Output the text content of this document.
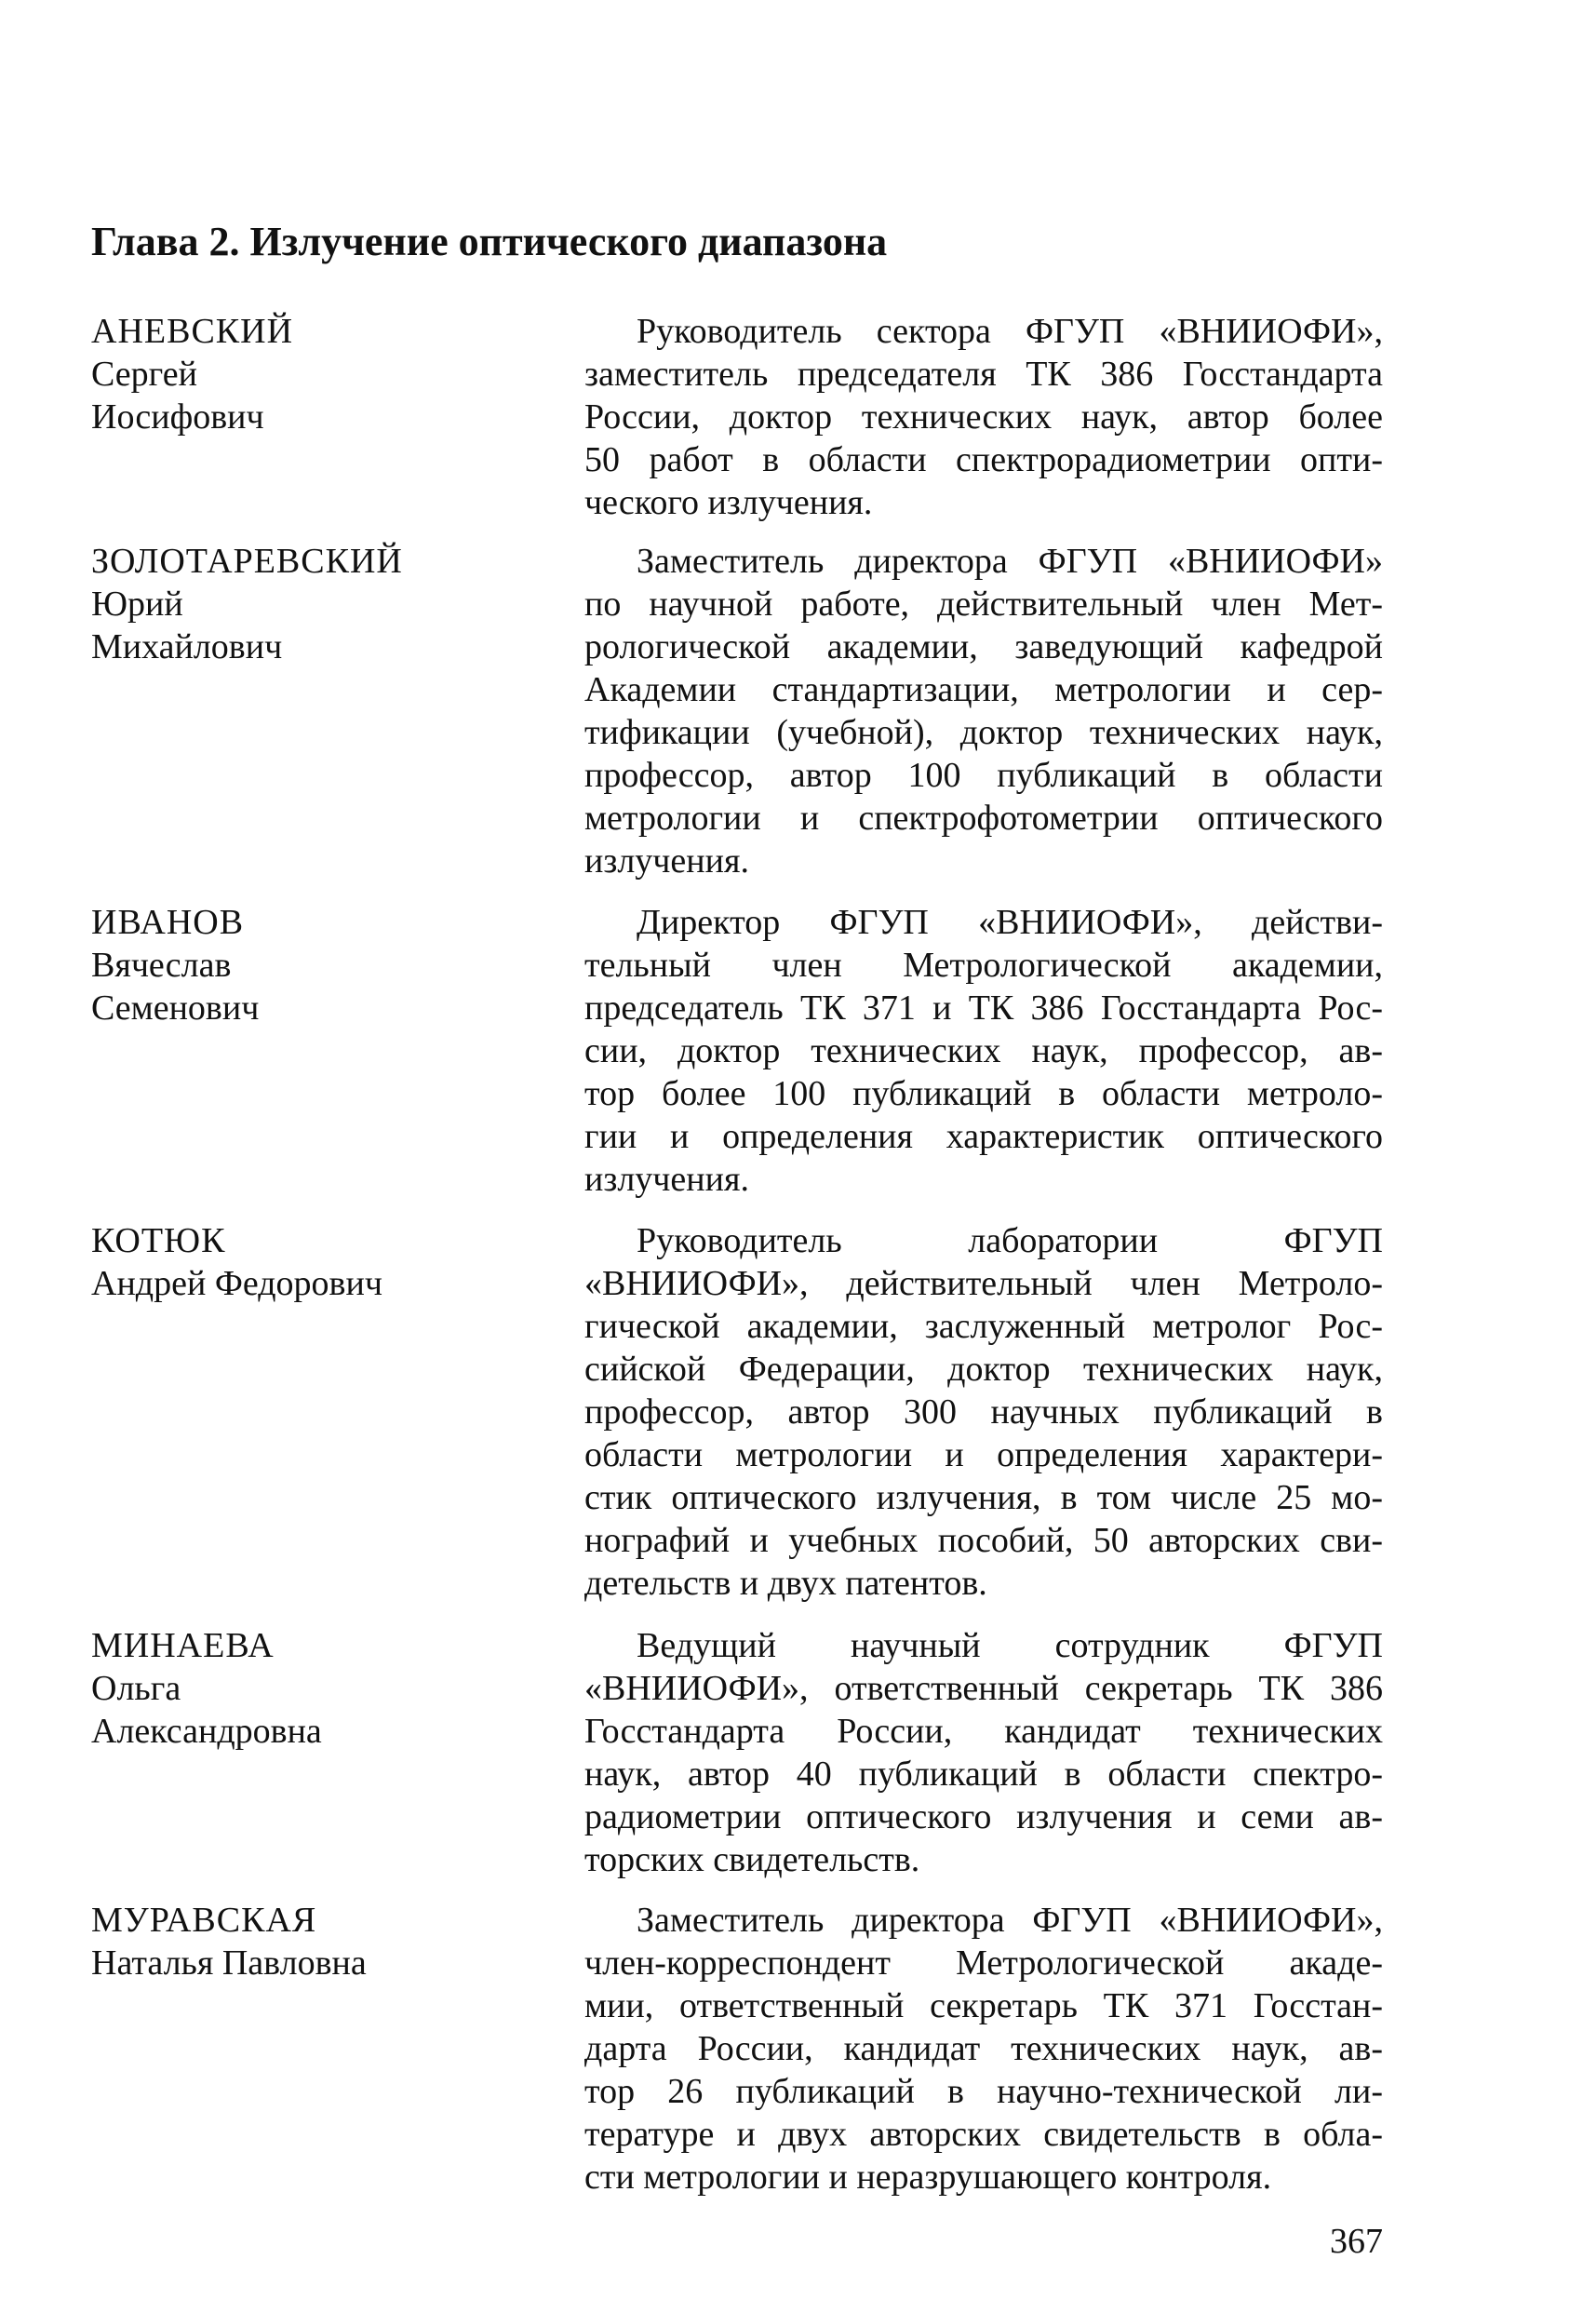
Глава 2. Излучение оптического диапазона
АНЕВСКИЙ
Сергей
Иосифович
Руководитель сектора ФГУП «ВНИИОФИ»,
заместитель председателя ТК 386 Госстандарта
России, доктор технических наук, автор более
50 работ в области спектрорадиометрии опти-
ческого излучения.
ЗОЛОТАРЕВСКИЙ
Юрий
Михайлович
Заместитель директора ФГУП «ВНИИОФИ»
по научной работе, действительный член Мет-
рологической академии, заведующий кафедрой
Академии стандартизации, метрологии и сер-
тификации (учебной), доктор технических наук,
профессор, автор 100 публикаций в области
метрологии и спектрофотометрии оптического
излучения.
ИВАНОВ
Вячеслав
Семенович
Директор ФГУП «ВНИИОФИ», действи-
тельный член Метрологической академии,
председатель ТК 371 и ТК 386 Госстандарта Рос-
сии, доктор технических наук, профессор, ав-
тор более 100 публикаций в области метроло-
гии и определения характеристик оптического
излучения.
КОТЮК
Андрей Федорович
Руководитель лаборатории ФГУП
«ВНИИОФИ», действительный член Метроло-
гической академии, заслуженный метролог Рос-
сийской Федерации, доктор технических наук,
профессор, автор 300 научных публикаций в
области метрологии и определения характери-
стик оптического излучения, в том числе 25 мо-
нографий и учебных пособий, 50 авторских сви-
детельств и двух патентов.
МИНАЕВА
Ольга
Александровна
Ведущий научный сотрудник ФГУП
«ВНИИОФИ», ответственный секретарь ТК 386
Госстандарта России, кандидат технических
наук, автор 40 публикаций в области спектро-
радиометрии оптического излучения и семи ав-
торских свидетельств.
МУРАВСКАЯ
Наталья Павловна
Заместитель директора ФГУП «ВНИИОФИ»,
член-корреспондент Метрологической акаде-
мии, ответственный секретарь ТК 371 Госстан-
дарта России, кандидат технических наук, ав-
тор 26 публикаций в научно-технической ли-
тературе и двух авторских свидетельств в обла-
сти метрологии и неразрушающего контроля.
367
